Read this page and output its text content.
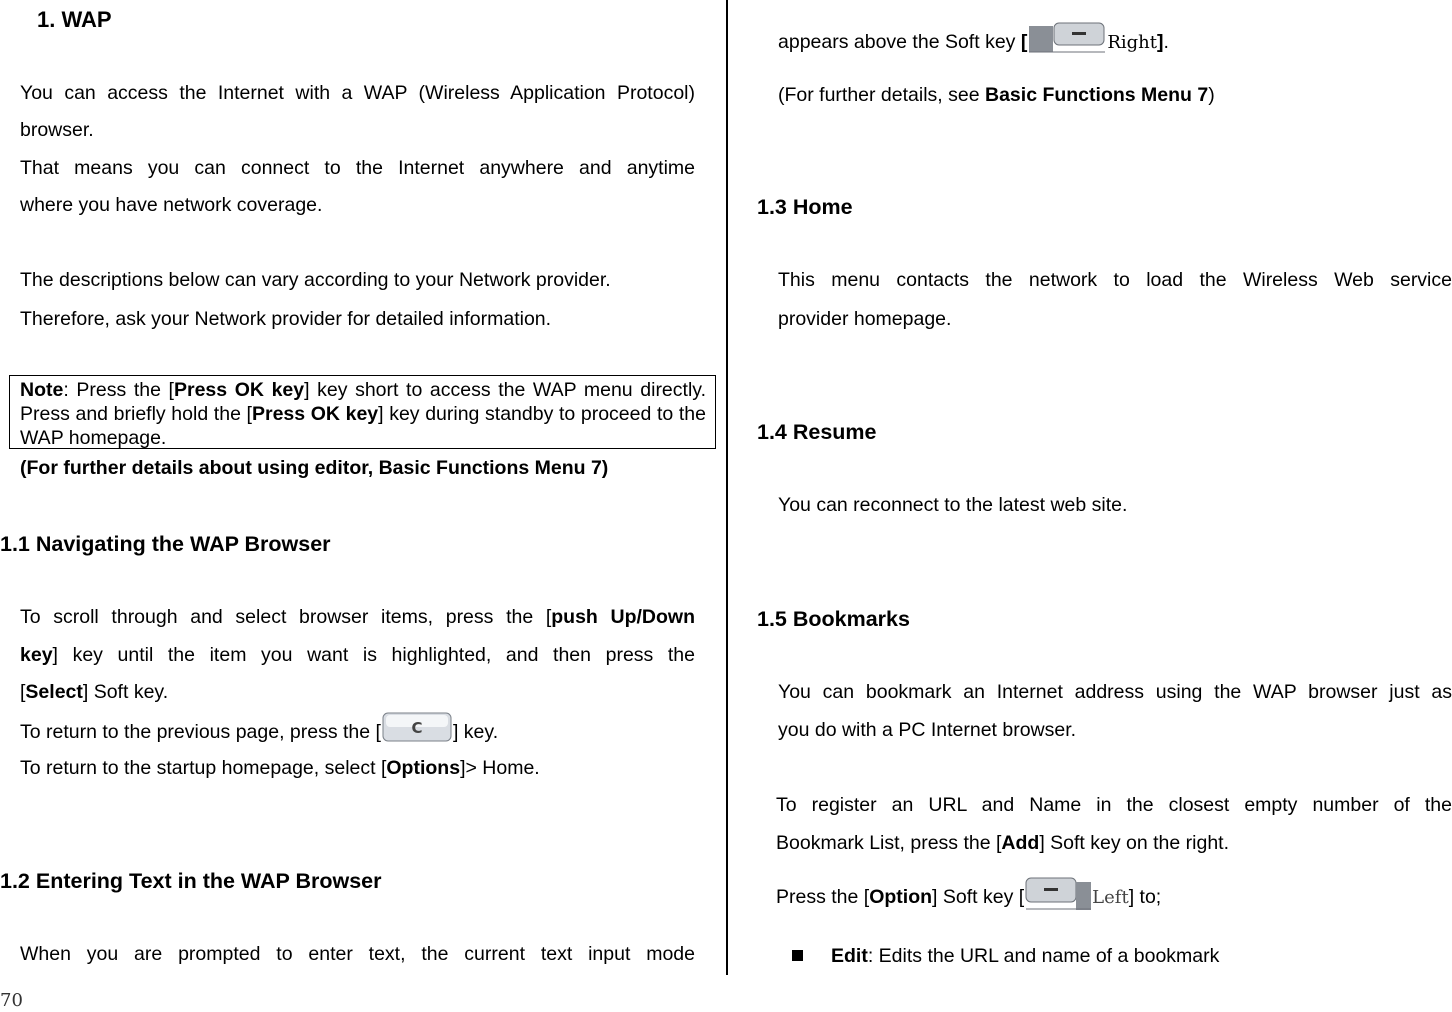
1. WAP
You can access the Internet with a WAP (Wireless Application Protocol)
browser.
That means you can connect to the Internet anywhere and anytime
where you have network coverage.
The descriptions below can vary according to your Network provider.
Therefore, ask your Network provider for detailed information.
Note: Press the [Press OK key] key short to access the WAP menu directly. Press and briefly hold the [Press OK key] key during standby to proceed to the WAP homepage.
(For further details about using editor, Basic Functions Menu 7)
1.1 Navigating the WAP Browser
To scroll through and select browser items, press the [push Up/Down
key] key until the item you want is highlighted, and then press the
[Select] Soft key.
To return to the previous page, press the [ C ] key.
To return to the startup homepage, select [Options]> Home.
1.2 Entering Text in the WAP Browser
When you are prompted to enter text, the current text input mode
70
appears above the Soft key [	Right].
(For further details, see Basic Functions Menu 7)
1.3 Home
This menu contacts the network to load the Wireless Web service
provider homepage.
1.4 Resume
You can reconnect to the latest web site.
1.5 Bookmarks
You can bookmark an Internet address using the WAP browser just as
you do with a PC Internet browser.
To register an URL and Name in the closest empty number of the
Bookmark List, press the [Add] Soft key on the right.
Press the [Option] Soft key [	Left] to;
Edit: Edits the URL and name of a bookmark
